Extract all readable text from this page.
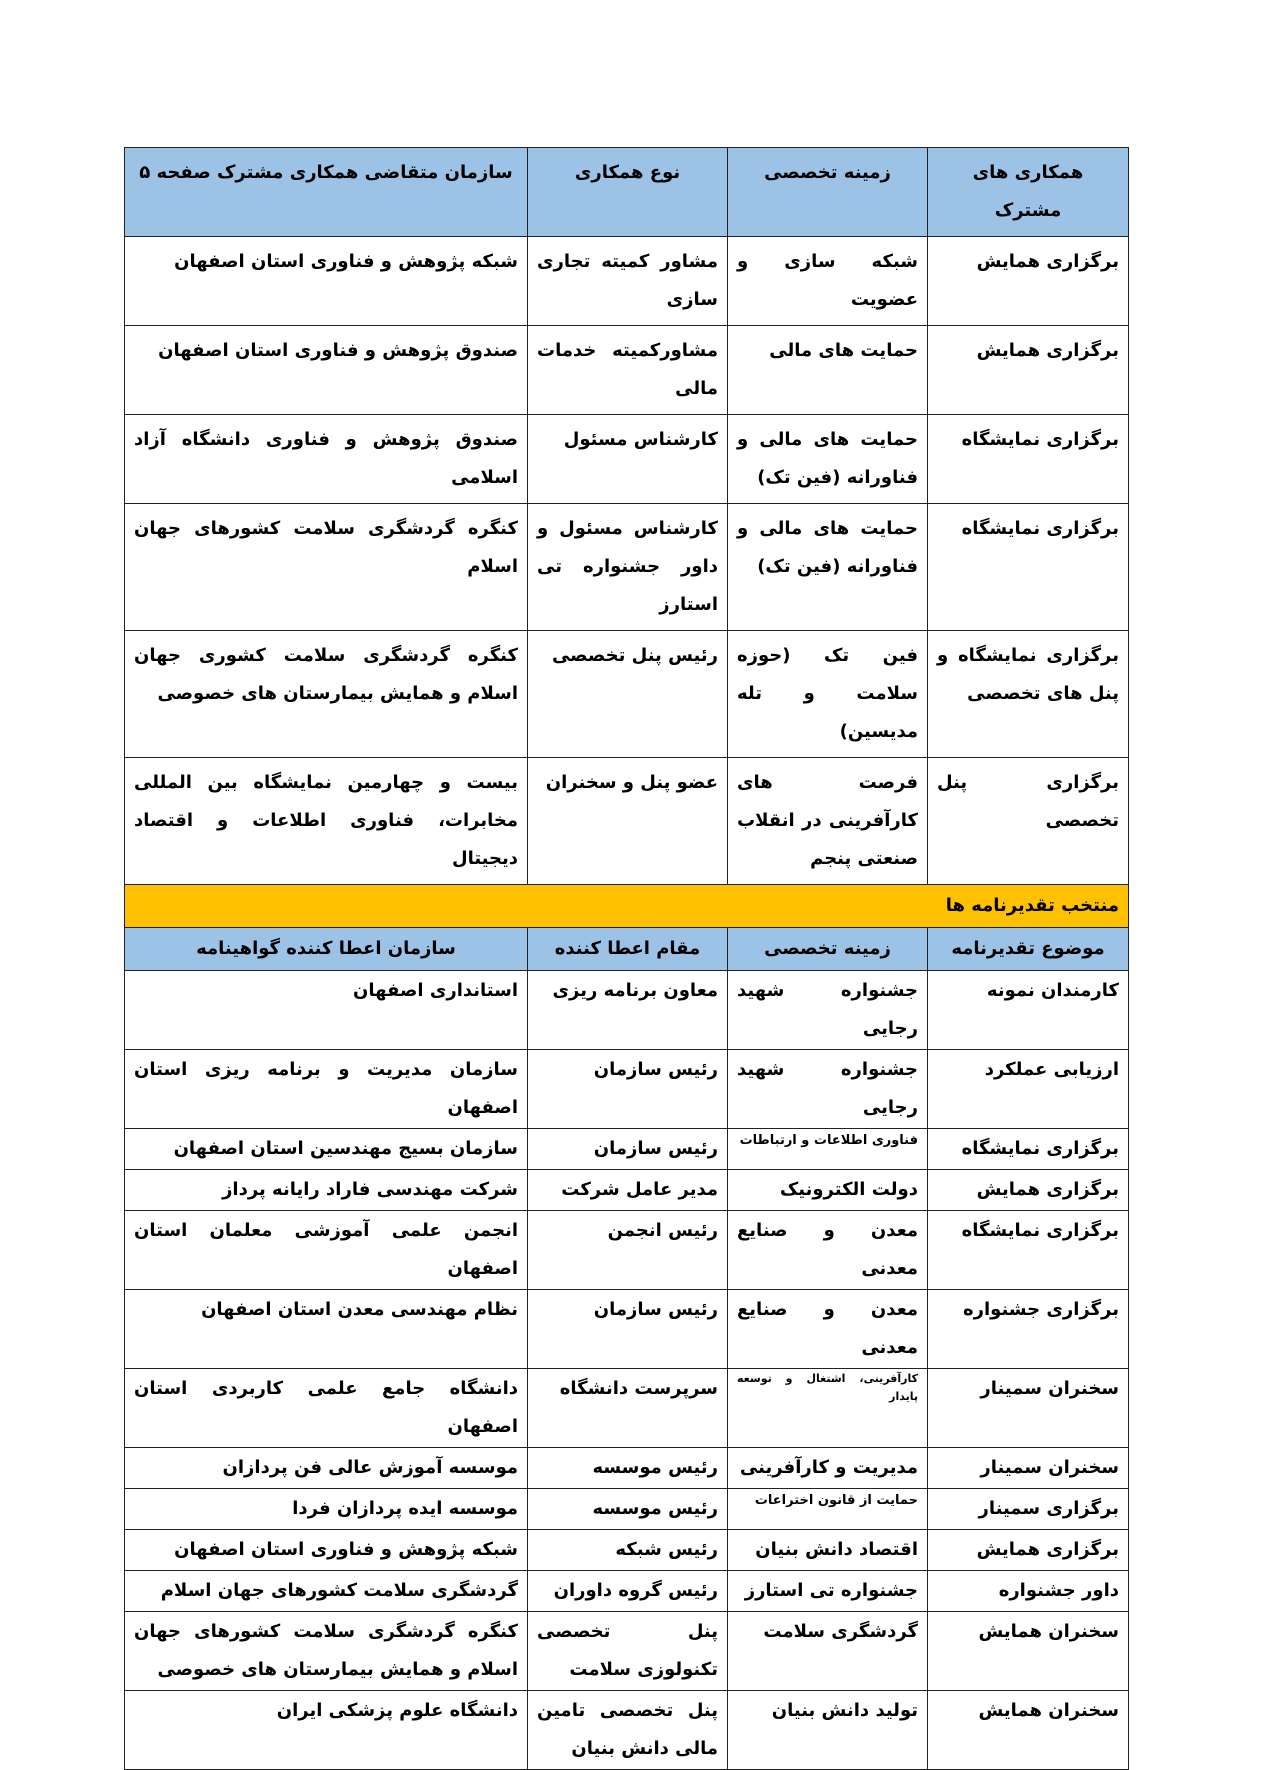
همکاری های مشترک	زمینه تخصصی	نوع همکاری	سازمان متقاضی همکاری مشترک صفحه ۵
برگزاری همایش	شبکه سازی و عضویت	مشاور کمیته تجاری سازی	شبکه پژوهش و فناوری استان اصفهان
برگزاری همایش	حمایت های مالی	مشاورکمیته خدمات مالی	صندوق پژوهش و فناوری استان اصفهان
برگزاری نمایشگاه	حمایت های مالی و فناورانه (فین تک)	کارشناس مسئول	صندوق پژوهش و فناوری دانشگاه آزاد اسلامی
برگزاری نمایشگاه	حمایت های مالی و فناورانه (فین تک)	کارشناس مسئول و داور جشنواره تی استارز	کنگره گردشگری سلامت کشورهای جهان اسلام
برگزاری نمایشگاه و پنل های تخصصی	فین تک (حوزه سلامت و تله مدیسین)	رئیس پنل تخصصی	کنگره گردشگری سلامت کشوری جهان اسلام و همایش بیمارستان های خصوصی
برگزاری پنل تخصصی	فرصت های کارآفرینی در انقلاب صنعتی پنجم	عضو پنل و سخنران	بیست و چهارمین نمایشگاه بین المللی مخابرات، فناوری اطلاعات و اقتصاد دیجیتال
منتخب تقدیرنامه ها			
موضوع تقدیرنامه	زمینه تخصصی	مقام اعطا کننده	سازمان اعطا کننده گواهینامه
کارمندان نمونه	جشنواره شهید رجایی	معاون برنامه ریزی	استانداری اصفهان
ارزیابی عملکرد	جشنواره شهید رجایی	رئیس سازمان	سازمان مدیریت و برنامه ریزی استان اصفهان
برگزاری نمایشگاه	فناوری اطلاعات و ارتباطات	رئیس سازمان	سازمان بسیج مهندسین استان اصفهان
برگزاری همایش	دولت الکترونیک	مدیر عامل شرکت	شرکت مهندسی فاراد رایانه پرداز
برگزاری نمایشگاه	معدن و صنایع معدنی	رئیس انجمن	انجمن علمی آموزشی معلمان استان اصفهان
برگزاری جشنواره	معدن و صنایع معدنی	رئیس سازمان	نظام مهندسی معدن استان اصفهان
سخنران سمینار	کارآفرینی، اشتغال و توسعه پایدار	سرپرست دانشگاه	دانشگاه جامع علمی کاربردی استان اصفهان
سخنران سمینار	مدیریت و کارآفرینی	رئیس موسسه	موسسه آموزش عالی فن پردازان
برگزاری سمینار	حمایت از قانون اختراعات	رئیس موسسه	موسسه ایده پردازان فردا
برگزاری همایش	اقتصاد دانش بنیان	رئیس شبکه	شبکه پژوهش و فناوری استان اصفهان
داور جشنواره	جشنواره تی استارز	رئیس گروه داوران	گردشگری سلامت کشورهای جهان اسلام
سخنران همایش	گردشگری سلامت	پنل تخصصی تکنولوزی سلامت	کنگره گردشگری سلامت کشورهای جهان اسلام و همایش بیمارستان های خصوصی
سخنران همایش	تولید دانش بنیان	پنل تخصصی تامین مالی دانش بنیان	دانشگاه علوم پزشکی ایران
